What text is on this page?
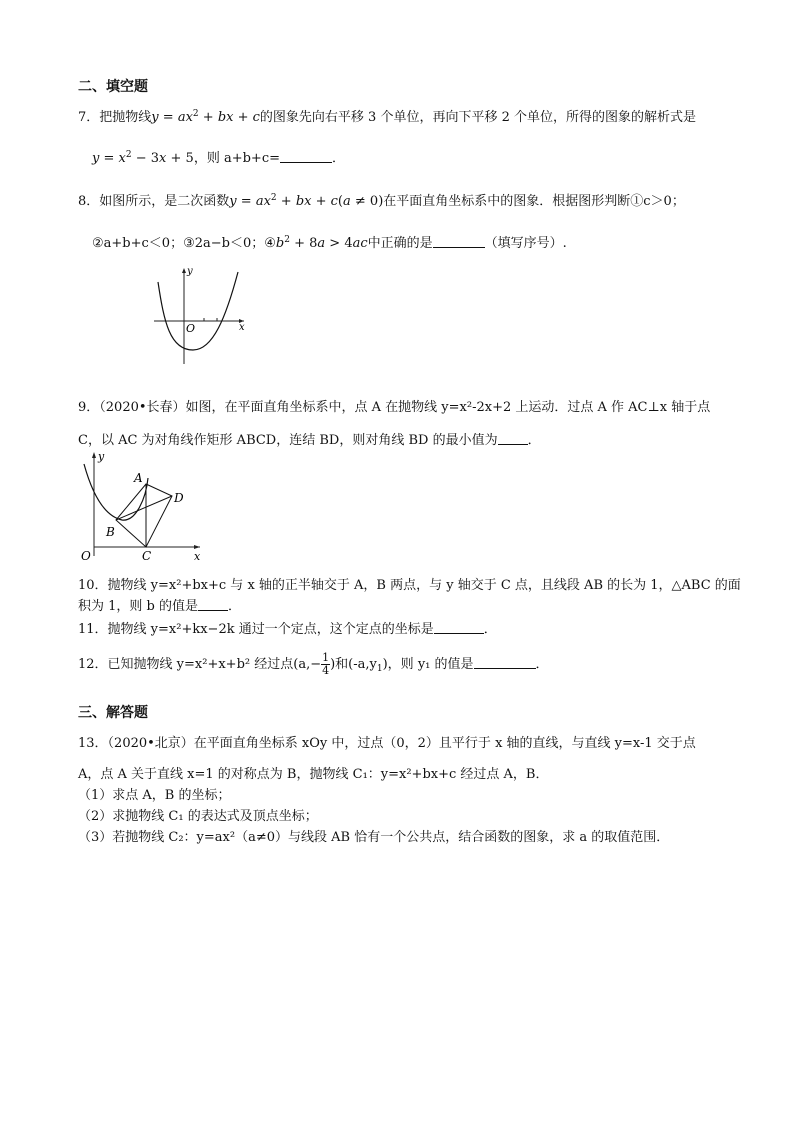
二、填空题
7．把抛物线$y = ax^2$ + bx + c的图象先向右平移 3 个单位，再向下平移 2 个单位，所得的图象的解析式是
$y = x^2 - 3x + 5$，则 a+b+c=	．
8．如图所示，是二次函数$y = ax^2$ + bx + c(a ≠ 0)在平面直角坐标系中的图象．根据图形判断①c＞0；
②a+b+c＜0；③2a−b＜0；$④b^2 + 8a > 4ac$中正确的是	（填写序号）.
y
x
O
9．（2020•长春）如图，在平面直角坐标系中，点 A 在抛物线 y=x²-2x+2 上运动．过点 A 作 AC⊥x 轴于点
C，以 AC 为对角线作矩形 ABCD，连结 BD，则对角线 BD 的最小值为 ．
y
x
O
A
B
C
D
10．抛物线 y=x²+bx+c 与 x 轴的正半轴交于 A，B 两点，与 y 轴交于 C 点，且线段 AB 的长为 1，△ABC 的面
积为 1，则 b 的值是 ．
11．抛物线 y=x²+kx−2k 通过一个定点，这个定点的坐标是	．
12．已知抛物线 y=x²+x+b² 经过点($a,- \frac{1}{4}$ )和$(-a,y_1)$，则 y₁ 的值是	．
三、解答题
13．（2020•北京）在平面直角坐标系 xOy 中，过点（0，2）且平行于 x 轴的直线，与直线 y=x-1 交于点
A，点 A 关于直线 x=1 的对称点为 B，抛物线 C₁：y=x²+bx+c 经过点 A，B．
（1）求点 A，B 的坐标；
（2）求抛物线 C₁ 的表达式及顶点坐标；
（3）若抛物线 C₂：y=ax²（a≠0）与线段 AB 恰有一个公共点，结合函数的图象，求 a 的取值范围．
